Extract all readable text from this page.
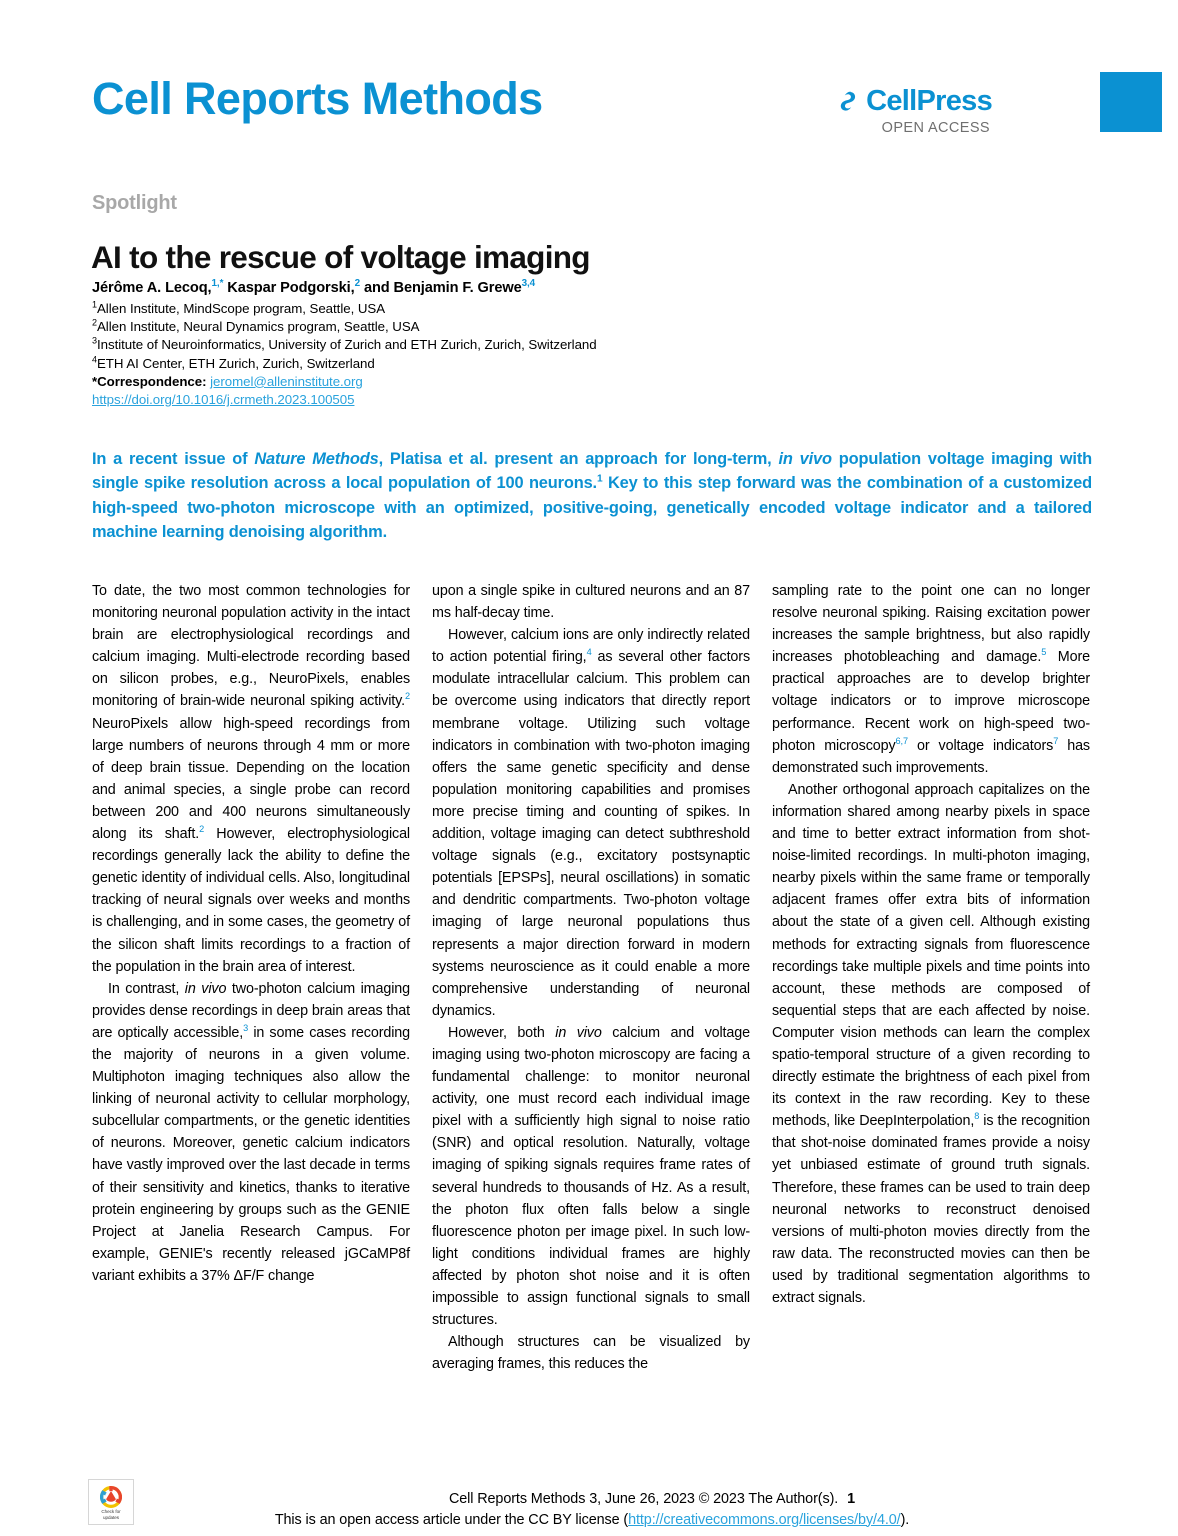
Cell Reports Methods	CellPress
OPEN ACCESS
Spotlight
AI to the rescue of voltage imaging
Jérôme A. Lecoq,$^{1,*}$ Kaspar Podgorski,$^2$ and Benjamin F. Grewe$^{3,4}$
$^1$Allen Institute, MindScope program, Seattle, USA
$^2$Allen Institute, Neural Dynamics program, Seattle, USA
$^3$Institute of Neuroinformatics, University of Zurich and ETH Zurich, Zurich, Switzerland
$^4$ETH AI Center, ETH Zurich, Zurich, Switzerland
*Correspondence: jeromel@alleninstitute.org
https://doi.org/10.1016/j.crmeth.2023.100505
In a recent issue of Nature Methods, Platisa et al. present an approach for long-term, in vivo population voltage imaging with single spike resolution across a local population of 100 neurons.$^1$ Key to this step forward was the combination of a customized high-speed two-photon microscope with an optimized, positive-going, genetically encoded voltage indicator and a tailored machine learning denoising algorithm.

To date, the two most common technologies for monitoring neuronal population activity in the intact brain are electrophysiological recordings and calcium imaging. Multi-electrode recording based on silicon probes, e.g., NeuroPixels, enables monitoring of brain-wide neuronal spiking activity.$^2$ NeuroPixels allow high-speed recordings from large numbers of neurons through 4 mm or more of deep brain tissue. Depending on the location and animal species, a single probe can record between 200 and 400 neurons simultaneously along its shaft.$^2$ However, electrophysiological recordings generally lack the ability to define the genetic identity of individual cells. Also, longitudinal tracking of neural signals over weeks and months is challenging, and in some cases, the geometry of the silicon shaft limits recordings to a fraction of the population in the brain area of interest.

In contrast, in vivo two-photon calcium imaging provides dense recordings in deep brain areas that are optically accessible,$^3$ in some cases recording the majority of neurons in a given volume. Multiphoton imaging techniques also allow the linking of neuronal activity to cellular morphology, subcellular compartments, or the genetic identities of neurons. Moreover, genetic calcium indicators have vastly improved over the last decade in terms of their sensitivity and kinetics, thanks to iterative protein engineering by groups such as the GENIE Project at Janelia Research Campus. For example, GENIE's recently released jGCaMP8f variant exhibits a 37% ΔF/F change

upon a single spike in cultured neurons and an 87 ms half-decay time.

However, calcium ions are only indirectly related to action potential firing,$^4$ as several other factors modulate intracellular calcium. This problem can be overcome using indicators that directly report membrane voltage. Utilizing such voltage indicators in combination with two-photon imaging offers the same genetic specificity and dense population monitoring capabilities and promises more precise timing and counting of spikes. In addition, voltage imaging can detect subthreshold voltage signals (e.g., excitatory postsynaptic potentials [EPSPs], neural oscillations) in somatic and dendritic compartments. Two-photon voltage imaging of large neuronal populations thus represents a major direction forward in modern systems neuroscience as it could enable a more comprehensive understanding of neuronal dynamics.

However, both in vivo calcium and voltage imaging using two-photon microscopy are facing a fundamental challenge: to monitor neuronal activity, one must record each individual image pixel with a sufficiently high signal to noise ratio (SNR) and optical resolution. Naturally, voltage imaging of spiking signals requires frame rates of several hundreds to thousands of Hz. As a result, the photon flux often falls below a single fluorescence photon per image pixel. In such low-light conditions individual frames are highly affected by photon shot noise and it is often impossible to assign functional signals to small structures.

Although structures can be visualized by averaging frames, this reduces the

sampling rate to the point one can no longer resolve neuronal spiking. Raising excitation power increases the sample brightness, but also rapidly increases photobleaching and damage.$^5$ More practical approaches are to develop brighter voltage indicators or to improve microscope performance. Recent work on high-speed two-photon microscopy$^{6,7}$ or voltage indicators$^7$ has demonstrated such improvements.

Another orthogonal approach capitalizes on the information shared among nearby pixels in space and time to better extract information from shot-noise-limited recordings. In multi-photon imaging, nearby pixels within the same frame or temporally adjacent frames offer extra bits of information about the state of a given cell. Although existing methods for extracting signals from fluorescence recordings take multiple pixels and time points into account, these methods are composed of sequential steps that are each affected by noise. Computer vision methods can learn the complex spatio-temporal structure of a given recording to directly estimate the brightness of each pixel from its context in the raw recording. Key to these methods, like DeepInterpolation,$^8$ is the recognition that shot-noise dominated frames provide a noisy yet unbiased estimate of ground truth signals. Therefore, these frames can be used to train deep neuronal networks to reconstruct denoised versions of multi-photon movies directly from the raw data. The reconstructed movies can then be used by traditional segmentation algorithms to extract signals.

Check for
updates
Cell Reports Methods 3, June 26, 2023 © 2023 The Author(s). 1
This is an open access article under the CC BY license (http://creativecommons.org/licenses/by/4.0/).
